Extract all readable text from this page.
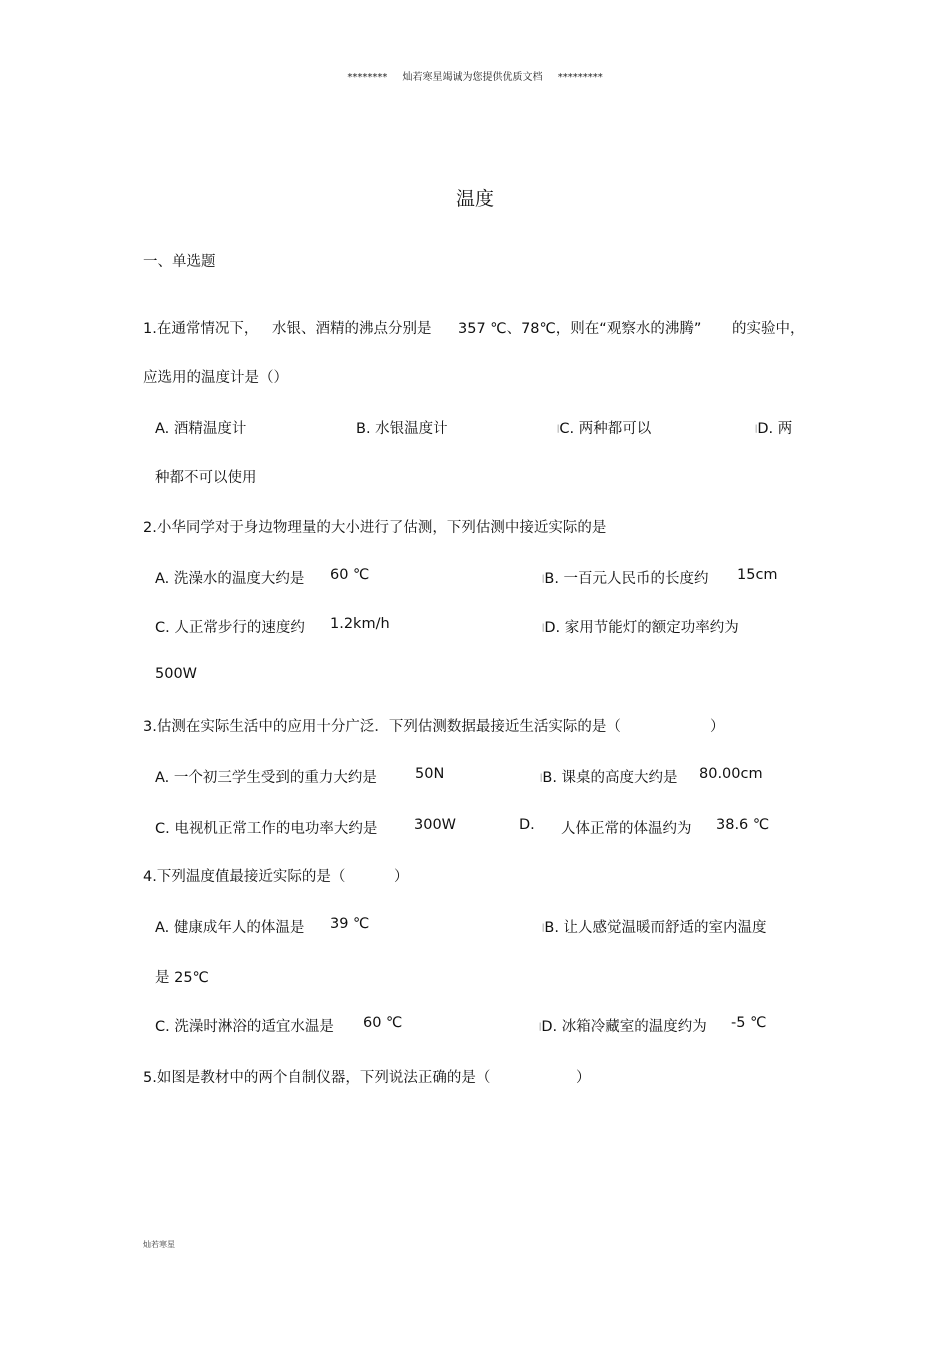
******** 灿若寒星竭诚为您提供优质文档 *********
温度
一、单选题
1.在通常情况下， 水银、酒精的沸点分别是 357 ℃、78℃，则在“观察水的沸腾” 的实验中，
应选用的温度计是（）
A. 酒精温度计	B. 水银温度计	▕C. 两种都可以	▕D. 两
种都不可以使用
2.小华同学对于身边物理量的大小进行了估测，下列估测中接近实际的是
A. 洗澡水的温度大约是 60 ℃	▕B. 一百元人民币的长度约 15cm
C. 人正常步行的速度约 1.2km/h	▕D. 家用节能灯的额定功率约为
500W
3.估测在实际生活中的应用十分广泛．下列估测数据最接近生活实际的是（	）
A. 一个初三学生受到的重力大约是	50N	▕B. 课桌的高度大约是 80.00cm
C. 电视机正常工作的电功率大约是	300W	D. 人体正常的体温约为 38.6 ℃
4.下列温度值最接近实际的是（	）
A. 健康成年人的体温是 39 ℃	▕B. 让人感觉温暖而舒适的室内温度
是 25℃
C. 洗澡时淋浴的适宜水温是 60 ℃	▕D. 冰箱冷藏室的温度约为 -5 ℃
5.如图是教材中的两个自制仪器，下列说法正确的是（	）
灿若寒星
